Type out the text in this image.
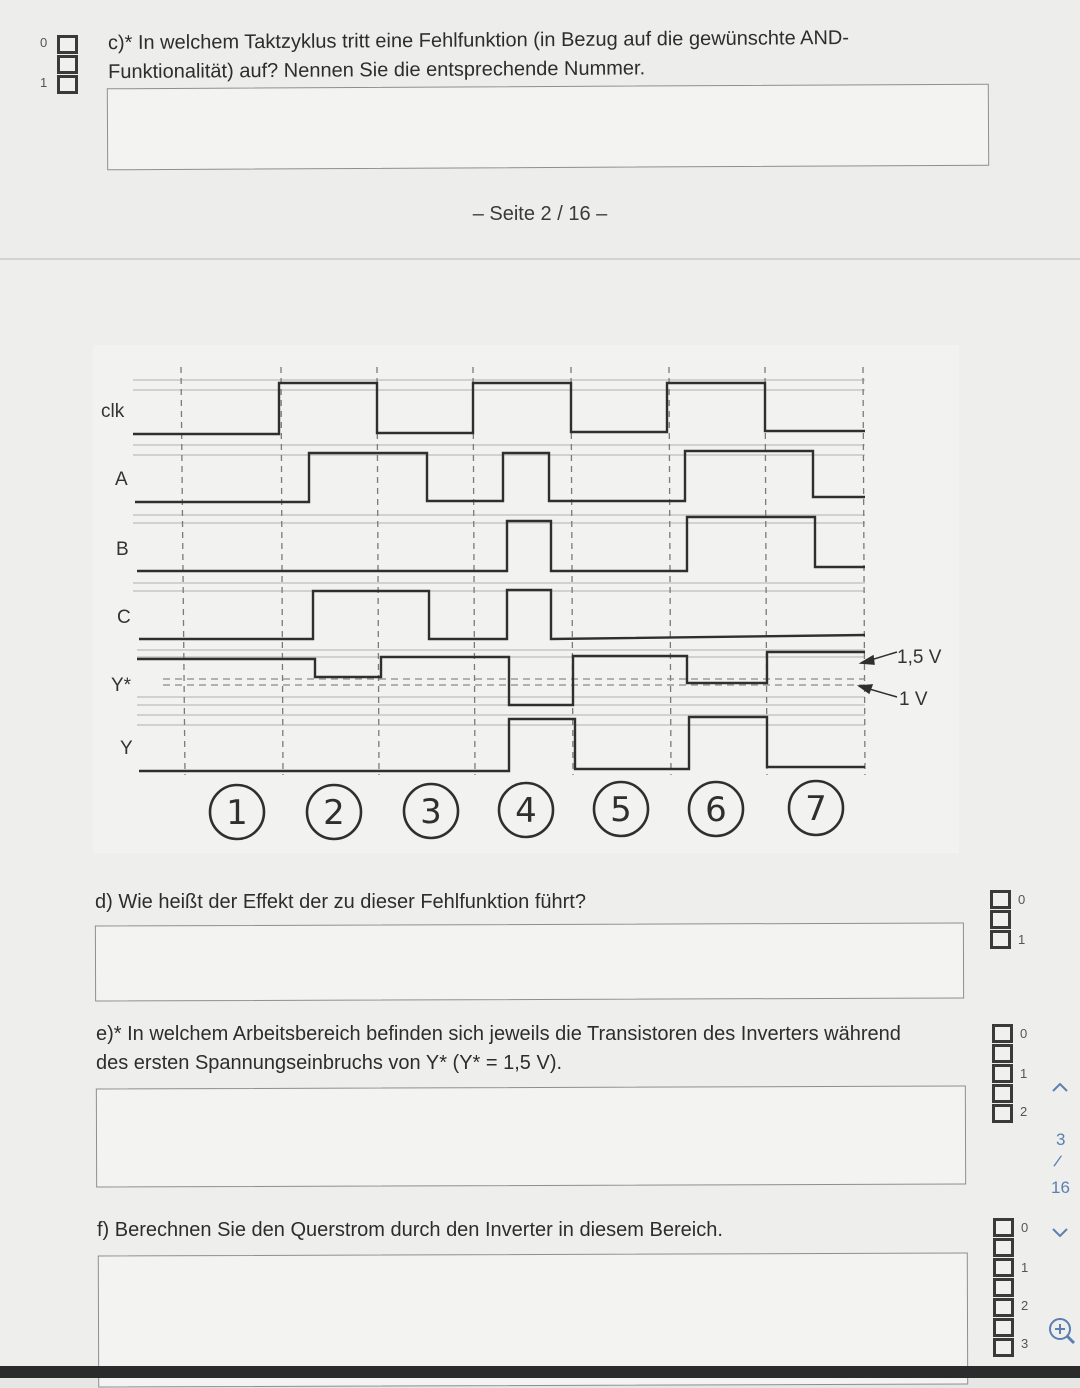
0
1
c)* In welchem Taktzyklus tritt eine Fehlfunktion (in Bezug auf die gewünschte AND-
Funktionalität) auf? Nennen Sie die entsprechende Nummer.
– Seite 2 / 16 –
clk
A
B
C
Y*
Y
1,5 V
1 V
1 2 3 4 5 6 7
d) Wie heißt der Effekt der zu dieser Fehlfunktion führt?	0
1
e)* In welchem Arbeitsbereich befinden sich jeweils die Transistoren des Inverters während
des ersten Spannungseinbruchs von Y* (Y* = 1,5 V).
0
1
2
f) Berechnen Sie den Querstrom durch den Inverter in diesem Bereich.	0
1
2
3
3
/
16
